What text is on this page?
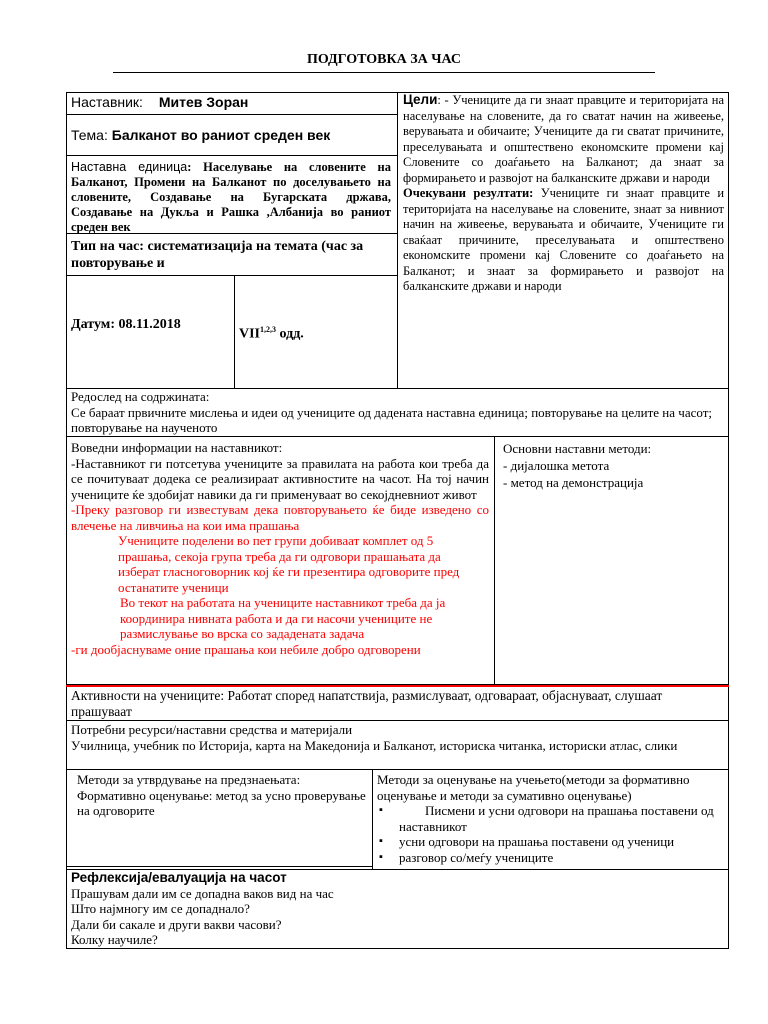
ПОДГОТОВКА ЗА ЧАС
Наставник: Митев Зоран
Тема: Балканот во раниот среден век
Наставна единица: Населување на словените на Балканот, Промени на Балканот по доселувањето на словените, Создавање на Бугарската држава, Создавање на Дукља и Рашка ,Албанија во раниот среден век
Тип на час: систематизација на темата (час за повторување и
Датум: 08.11.2018
VII$^{1,2,3}$ одд.

Цели: - Учениците да ги знаат правците и територијата на населување на словените, да го сватат начин на живеење, верувањата и обичаите; Учениците да ги сватат причините, преселувањата и општествено економските промени кај Словените со доаѓањето на Балканот; да знаат за формирањето и развојот на балканските држави и народи

Очекувани резултати: Учениците ги знаат правците и територијата на населување на словените, знаат за нивниот начин на живеење, верувањата и обичаите, Учениците ги сваќаат причините, преселувањата и општествено економските промени кај Словените со доаѓањето на Балканот; и знаат за формирањето и развојот на балканските држави и народи

Редослед на содржината:

Се бараат првичните мислења и идеи од учениците од дадената наставна единица; повторување на целите на часот; повторување на наученото

Воведни информации на наставникот:

-Наставникот ги потсетува учениците за правилата на работа кои треба да се почитуваат додека се реализираат активностите на часот. На тој начин учениците ќе здобијат навики да ги применуваат во секојдневниот живот

-Преку разговор ги известувам дека повторувањето ќе биде изведено со влечење на ливчиња на кои има прашања

Учениците поделени во пет групи добиваат комплет од 5 прашања, секоја група треба да ги одговори прашањата да изберат гласноговорник кој ќе ги презентира одговорите пред останатите ученици

Во текот на работата на учениците наставникот треба да ја координира нивната работа и да ги насочи учениците не размислување во врска со зададената задача

-ги дообјаснуваме оние прашања кои небиле добро одговорени

Основни наставни методи:

- дијалошка метота

- метод на демонстрација

Активности на учениците: Работат според напатствија, размислуваат, одговараат, објаснуваат, слушаат прашуваат

Потребни ресурси/наставни средства и материјали

Училница, учебник по Историја, карта на Македонија и Балканот, историска читанка, историски атлас, слики

Методи за утврдување на предзнаењата:

Формативно оценување: метод за усно проверување на одговорите

Методи за оценување на учењето(методи за формативно оценување и методи за сумативно оценување)

▪         Писмени и усни одговори на прашања поставени од наставникот

▪ усни одговори на прашања поставени од ученици

▪ разговор со/меѓу учениците

Рефлексија/евалуација на часот

Прашувам дали им се допадна ваков вид на час

Што најмногу им се допаднало?

Дали би сакале и други вакви часови?

Колку научиле?
